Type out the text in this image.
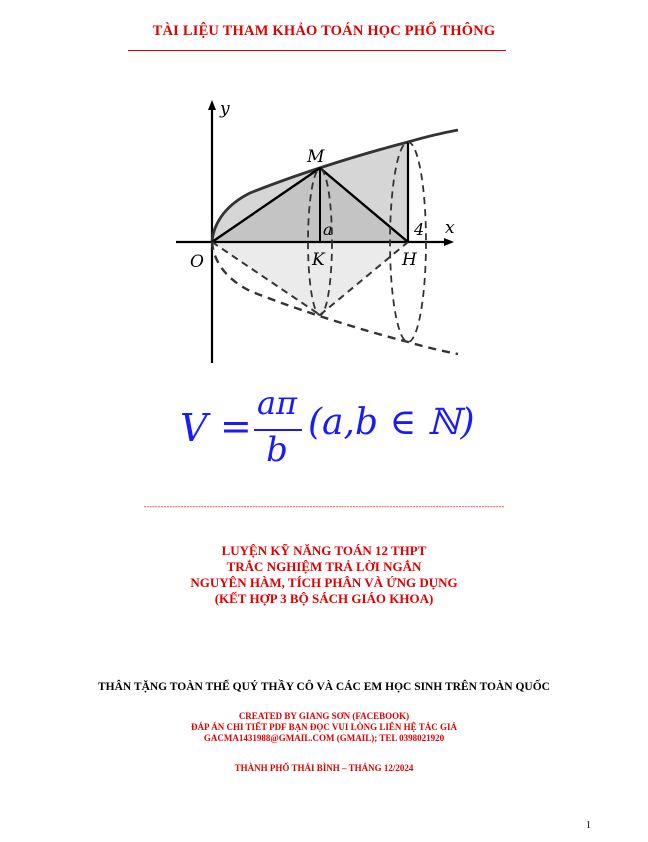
TÀI LIỆU THAM KHẢO TOÁN HỌC PHỔ THÔNG
y
x
O
M
K	H
a	4
V =
aπ
b
(a,b ∈ ℕ)
------------------------------------------------------------------------------------------------------------------------------
LUYỆN KỸ NĂNG TOÁN 12 THPT
TRẮC NGHIỆM TRẢ LỜI NGẮN
NGUYÊN HÀM, TÍCH PHÂN VÀ ỨNG DỤNG
(KẾT HỢP 3 BỘ SÁCH GIÁO KHOA)
THÂN TẶNG TOÀN THỂ QUÝ THẦY CÔ VÀ CÁC EM HỌC SINH TRÊN TOÀN QUỐC
CREATED BY GIANG SƠN (FACEBOOK)
ĐÁP ÁN CHI TIẾT PDF BẠN ĐỌC VUI LÒNG LIÊN HỆ TÁC GIẢ
GACMA1431988@GMAIL.COM (GMAIL); TEL 0398021920
THÀNH PHỐ THÁI BÌNH – THÁNG 12/2024
1
